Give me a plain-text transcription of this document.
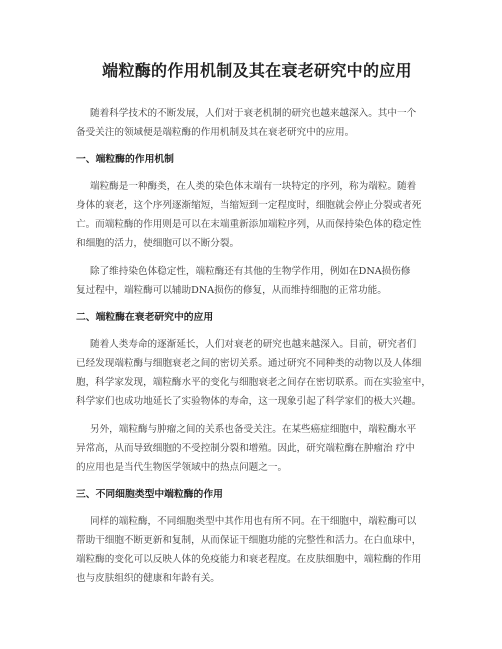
端粒酶的作用机制及其在衰老研究中的应用

随着科学技术的不断发展，人们对于衰老机制的研究也越来越深入。其中一个
备受关注的领域便是端粒酶的作用机制及其在衰老研究中的应用。

一、端粒酶的作用机制

端粒酶是一种酶类，在人类的染色体末端有一块特定的序列，称为端粒。随着
身体的衰老，这个序列逐渐缩短，当缩短到一定程度时，细胞就会停止分裂或者死
亡。而端粒酶的作用则是可以在末端重新添加端粒序列，从而保持染色体的稳定性
和细胞的活力，使细胞可以不断分裂。

除了维持染色体稳定性，端粒酶还有其他的生物学作用，例如在DNA损伤修
复过程中，端粒酶可以辅助DNA损伤的修复，从而维持细胞的正常功能。

二、端粒酶在衰老研究中的应用

随着人类寿命的逐渐延长，人们对衰老的研究也越来越深入。目前，研究者们
已经发现端粒酶与细胞衰老之间的密切关系。通过研究不同种类的动物以及人体细
胞，科学家发现，端粒酶水平的变化与细胞衰老之间存在密切联系。而在实验室中，
科学家们也成功地延长了实验物体的寿命，这一现象引起了科学家们的极大兴趣。

另外，端粒酶与肿瘤之间的关系也备受关注。在某些癌症细胞中，端粒酶水平
异常高，从而导致细胞的不受控制分裂和增殖。因此，研究端粒酶在肿瘤治 疗中
的应用也是当代生物医学领域中的热点问题之一。

三、不同细胞类型中端粒酶的作用

同样的端粒酶，不同细胞类型中其作用也有所不同。在干细胞中，端粒酶可以
帮助干细胞不断更新和复制，从而保证干细胞功能的完整性和活力。在白血球中，
端粒酶的变化可以反映人体的免疫能力和衰老程度。在皮肤细胞中，端粒酶的作用
也与皮肤组织的健康和年龄有关。
